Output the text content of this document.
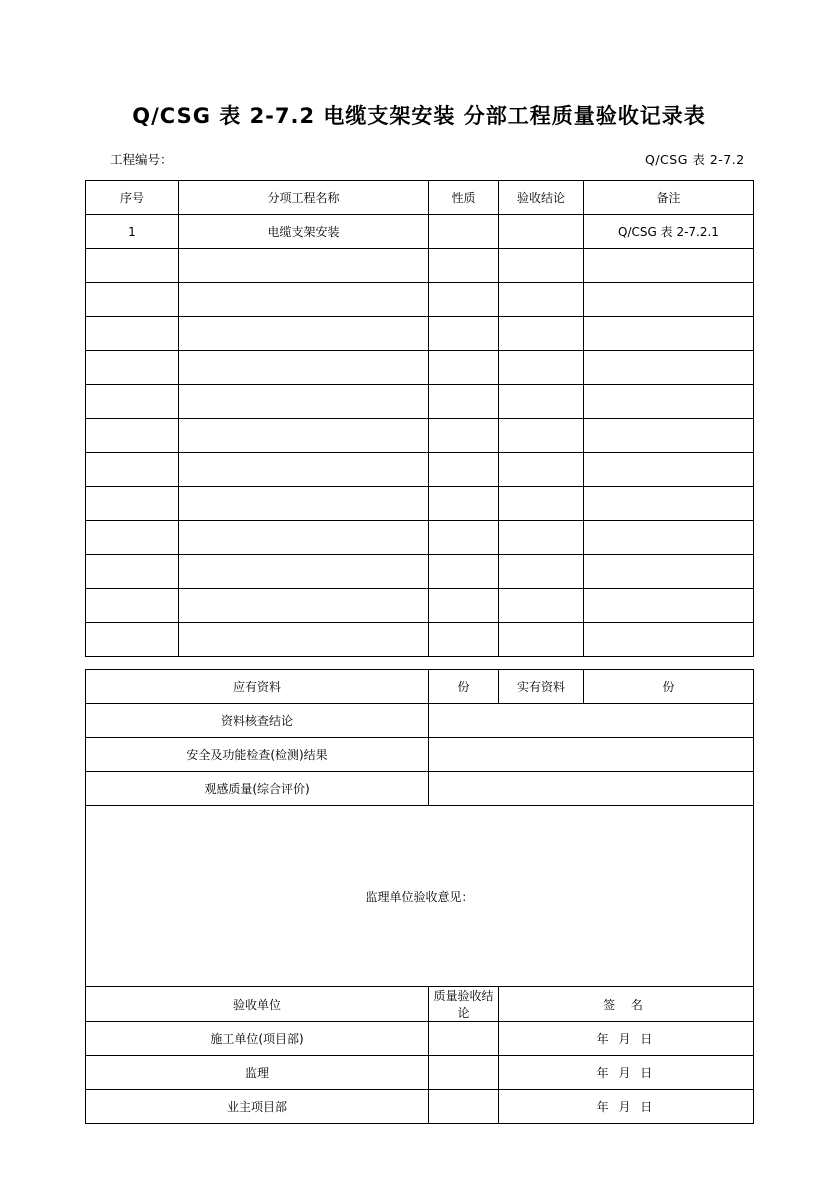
Q/CSG 表 2-7.2 电缆支架安装 分部工程质量验收记录表
工程编号：	Q/CSG 表 2-7.2
序号	分项工程名称	性质	验收结论	备注
1	电缆支架安装			Q/CSG 表 2-7.2.1

应有资料		份	实有资料	份
资料核查结论				
安全及功能检查(检测)结果				
观感质量(综合评价)				
监理单位验收意见：				
验收单位		质量验收结论	签 名	
施工单位(项目部)			年 月 日	
监理			年 月 日	
业主项目部			年 月 日	
